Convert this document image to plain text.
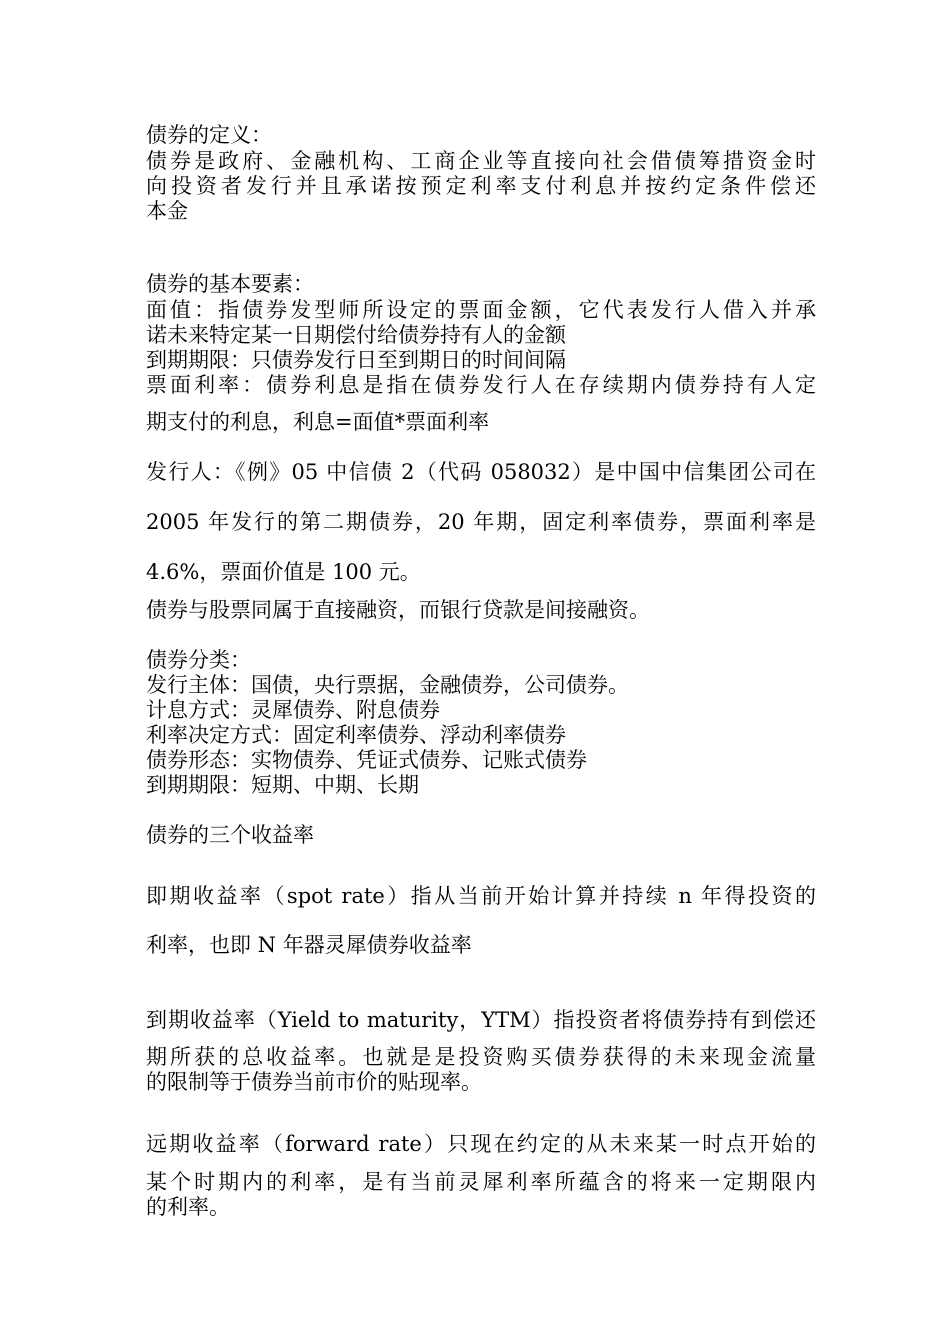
债券的定义：
债券是政府、金融机构、工商企业等直接向社会借债筹措资金时
向投资者发行并且承诺按预定利率支付利息并按约定条件偿还
本金
债券的基本要素：
面值：指债券发型师所设定的票面金额，它代表发行人借入并承
诺未来特定某一日期偿付给债券持有人的金额
到期期限：只债券发行日至到期日的时间间隔
票面利率：债券利息是指在债券发行人在存续期内债券持有人定
期支付的利息，利息=面值*票面利率
发行人：《例》05 中信债 2（代码 058032）是中国中信集团公司在
2005 年发行的第二期债券，20 年期，固定利率债券，票面利率是
4.6%，票面价值是 100 元。
债券与股票同属于直接融资，而银行贷款是间接融资。
债券分类：
发行主体：国债，央行票据，金融债券，公司债券。
计息方式：灵犀债券、附息债券
利率决定方式：固定利率债券、浮动利率债券
债券形态：实物债券、凭证式债券、记账式债券
到期期限：短期、中期、长期
债券的三个收益率
即期收益率（spot rate）指从当前开始计算并持续 n 年得投资的
利率，也即 N 年器灵犀债券收益率
到期收益率（Yield to maturity，YTM）指投资者将债券持有到偿还
期所获的总收益率。也就是是投资购买债券获得的未来现金流量
的限制等于债券当前市价的贴现率。
远期收益率（forward rate）只现在约定的从未来某一时点开始的
某个时期内的利率，是有当前灵犀利率所蕴含的将来一定期限内
的利率。
